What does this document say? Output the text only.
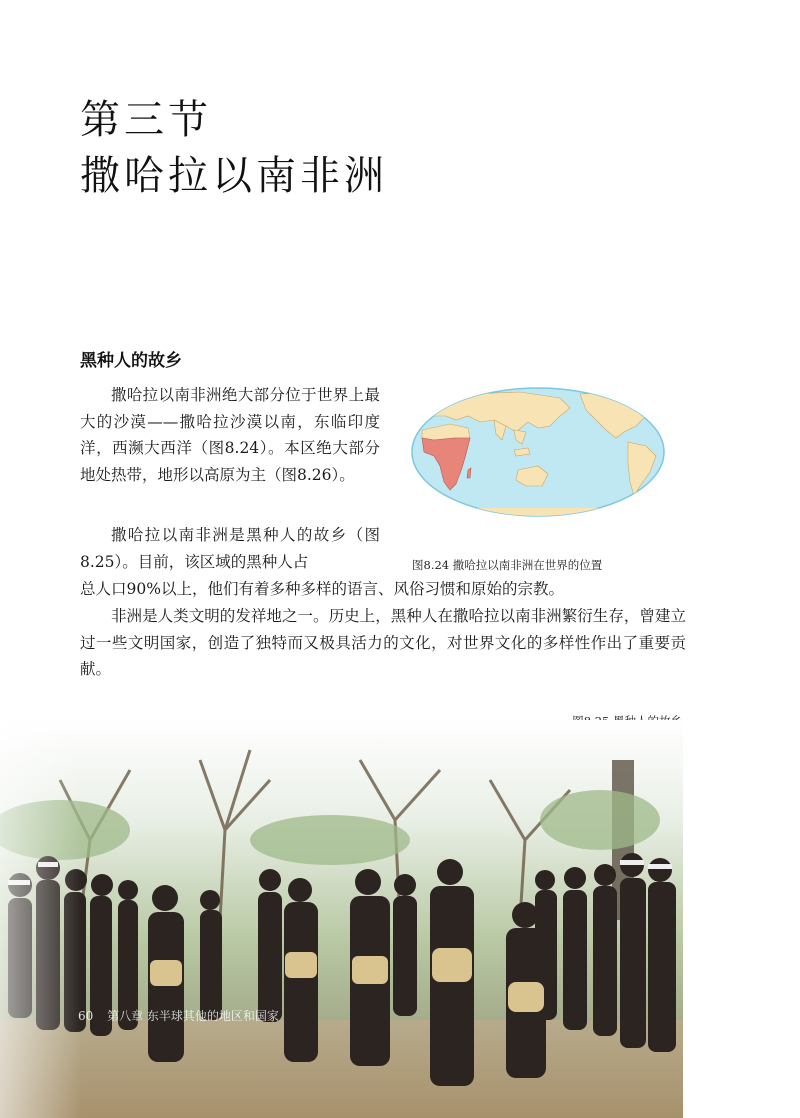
第三节
撒哈拉以南非洲
黑种人的故乡

撒哈拉以南非洲绝大部分位于世界上最大的沙漠——撒哈拉沙漠以南，东临印度洋，西濒大西洋（图8.24）。本区绝大部分地处热带，地形以高原为主（图8.26）。

撒哈拉以南非洲是黑种人的故乡（图8.25）。目前，该区域的黑种人占

总人口90%以上，他们有着多种多样的语言、风俗习惯和原始的宗教。

非洲是人类文明的发祥地之一。历史上，黑种人在撒哈拉以南非洲繁衍生存，曾建立过一些文明国家，创造了独特而又极具活力的文化，对世界文化的多样性作出了重要贡献。

图8.24 撒哈拉以南非洲在世界的位置

60 第八章 东半球其他的地区和国家
